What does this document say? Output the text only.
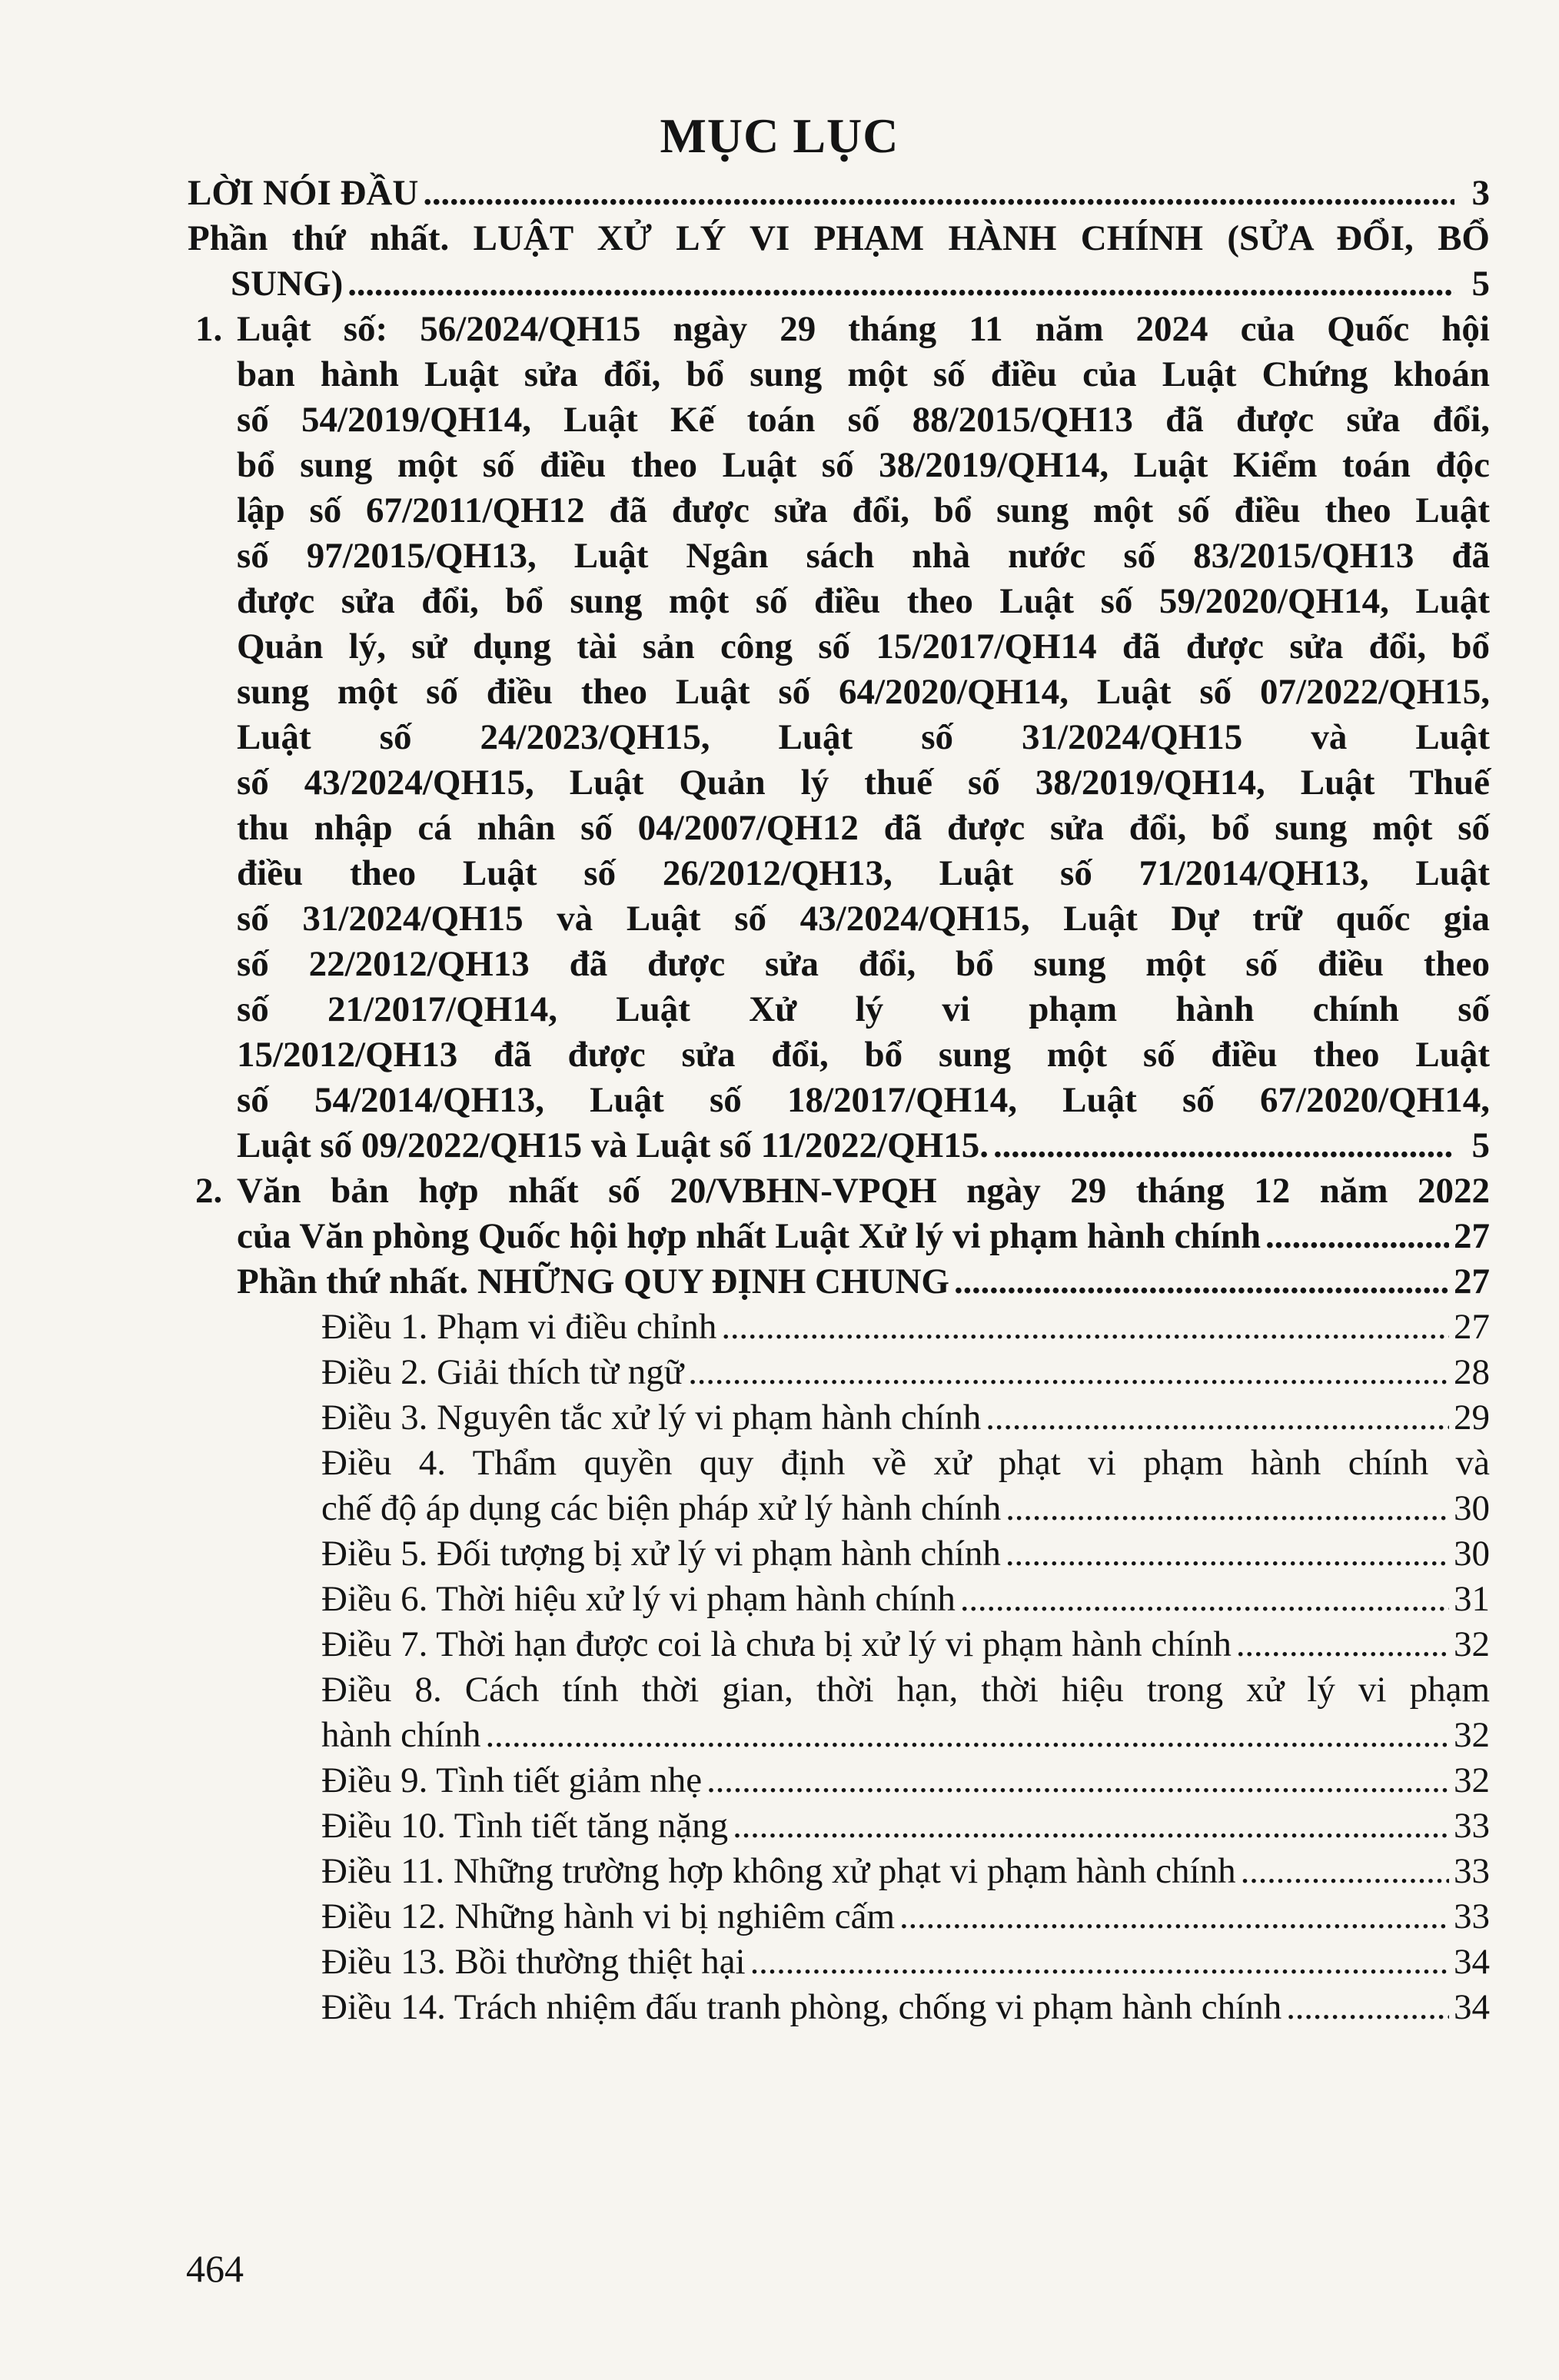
MỤC LỤC
LỜI NÓI ĐẦU . . .	3
Phần thứ nhất. LUẬT XỬ LÝ VI PHẠM HÀNH CHÍNH (SỬA ĐỔI, BỔ
SUNG) . . .	5
1. Luật số: 56/2024/QH15 ngày 29 tháng 11 năm 2024 của Quốc hội
ban hành Luật sửa đổi, bổ sung một số điều của Luật Chứng khoán
số 54/2019/QH14, Luật Kế toán số 88/2015/QH13 đã được sửa đổi,
bổ sung một số điều theo Luật số 38/2019/QH14, Luật Kiểm toán độc
lập số 67/2011/QH12 đã được sửa đổi, bổ sung một số điều theo Luật
số 97/2015/QH13, Luật Ngân sách nhà nước số 83/2015/QH13 đã
được sửa đổi, bổ sung một số điều theo Luật số 59/2020/QH14, Luật
Quản lý, sử dụng tài sản công số 15/2017/QH14 đã được sửa đổi, bổ
sung một số điều theo Luật số 64/2020/QH14, Luật số 07/2022/QH15,
Luật số 24/2023/QH15, Luật số 31/2024/QH15 và Luật
số 43/2024/QH15, Luật Quản lý thuế số 38/2019/QH14, Luật Thuế
thu nhập cá nhân số 04/2007/QH12 đã được sửa đổi, bổ sung một số
điều theo Luật số 26/2012/QH13, Luật số 71/2014/QH13, Luật
số 31/2024/QH15 và Luật số 43/2024/QH15, Luật Dự trữ quốc gia
số 22/2012/QH13 đã được sửa đổi, bổ sung một số điều theo
số 21/2017/QH14, Luật Xử lý vi phạm hành chính số
15/2012/QH13 đã được sửa đổi, bổ sung một số điều theo Luật
số 54/2014/QH13, Luật số 18/2017/QH14, Luật số 67/2020/QH14,
Luật số 09/2022/QH15 và Luật số 11/2022/QH15. . . .	5
2. Văn bản hợp nhất số 20/VBHN-VPQH ngày 29 tháng 12 năm 2022
của Văn phòng Quốc hội hợp nhất Luật Xử lý vi phạm hành chính . . .	27
Phần thứ nhất. NHỮNG QUY ĐỊNH CHUNG . . .	27
Điều 1. Phạm vi điều chỉnh . . .	27
Điều 2. Giải thích từ ngữ . . .	28
Điều 3. Nguyên tắc xử lý vi phạm hành chính . . .	29
Điều 4. Thẩm quyền quy định về xử phạt vi phạm hành chính và
chế độ áp dụng các biện pháp xử lý hành chính . . .	30
Điều 5. Đối tượng bị xử lý vi phạm hành chính . . .	30
Điều 6. Thời hiệu xử lý vi phạm hành chính . . .	31
Điều 7. Thời hạn được coi là chưa bị xử lý vi phạm hành chính . . .	32
Điều 8. Cách tính thời gian, thời hạn, thời hiệu trong xử lý vi phạm
hành chính . . .	32
Điều 9. Tình tiết giảm nhẹ . . .	32
Điều 10. Tình tiết tăng nặng . . .	33
Điều 11. Những trường hợp không xử phạt vi phạm hành chính . . .	33
Điều 12. Những hành vi bị nghiêm cấm . . .	33
Điều 13. Bồi thường thiệt hại . . .	34
Điều 14. Trách nhiệm đấu tranh phòng, chống vi phạm hành chính . . .	34
464
